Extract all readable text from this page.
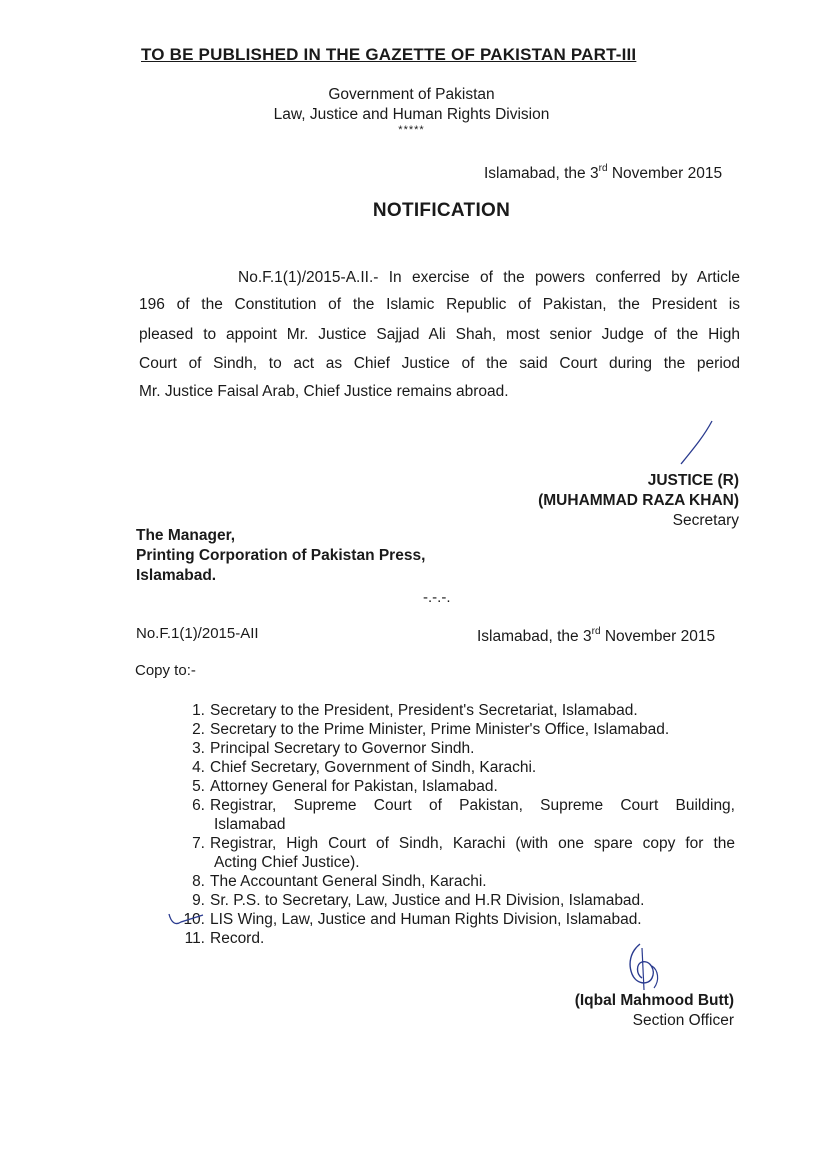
TO BE PUBLISHED IN THE GAZETTE OF PAKISTAN PART-III
Government of Pakistan
Law, Justice and Human Rights Division
*****
Islamabad, the 3rd November 2015
NOTIFICATION
No.F.1(1)/2015-A.II.- In exercise of the powers conferred by Article
196 of the Constitution of the Islamic Republic of Pakistan, the President is
pleased to appoint Mr. Justice Sajjad Ali Shah, most senior Judge of the High
Court of Sindh, to act as Chief Justice of the said Court during the period
Mr. Justice Faisal Arab, Chief Justice remains abroad.
JUSTICE (R)
(MUHAMMAD RAZA KHAN)
Secretary
The Manager,
Printing Corporation of Pakistan Press,
Islamabad.
-.-.-.
No.F.1(1)/2015-AII	Islamabad, the 3rd November 2015
Copy to:-
1. Secretary to the President, President's Secretariat, Islamabad.
2. Secretary to the Prime Minister, Prime Minister's Office, Islamabad.
3. Principal Secretary to Governor Sindh.
4. Chief Secretary, Government of Sindh, Karachi.
5. Attorney General for Pakistan, Islamabad.
6. Registrar, Supreme Court of Pakistan, Supreme Court Building,
Islamabad
7. Registrar, High Court of Sindh, Karachi (with one spare copy for the
Acting Chief Justice).
8. The Accountant General Sindh, Karachi.
9. Sr. P.S. to Secretary, Law, Justice and H.R Division, Islamabad.
10. LIS Wing, Law, Justice and Human Rights Division, Islamabad.
11. Record.
(Iqbal Mahmood Butt)
Section Officer
